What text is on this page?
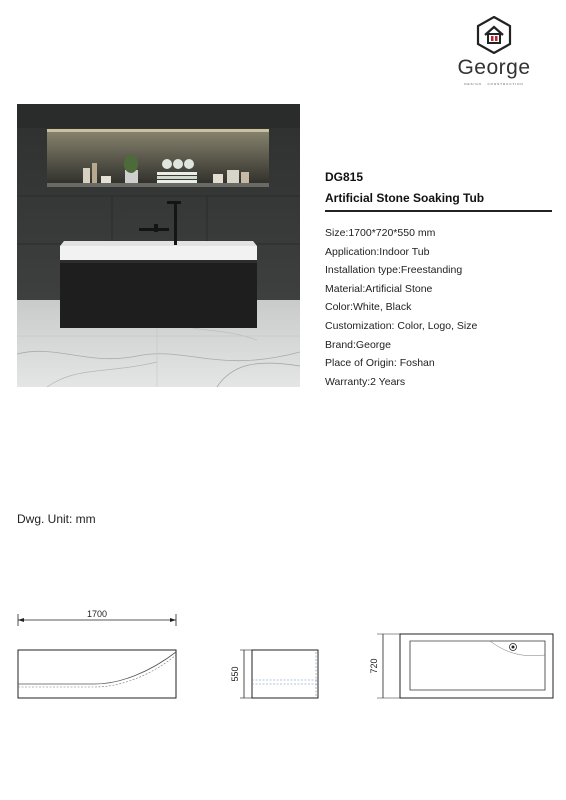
George
DESIGN · CONSTRUCTION
DG815
Artificial Stone Soaking Tub
Size:1700*720*550 mm
Application:Indoor Tub
Installation type:Freestanding
Material:Artificial Stone
Color:White, Black
Customization: Color, Logo, Size
Brand:George
Place of Origin: Foshan
Warranty:2 Years
Dwg. Unit: mm
1700
550
720
